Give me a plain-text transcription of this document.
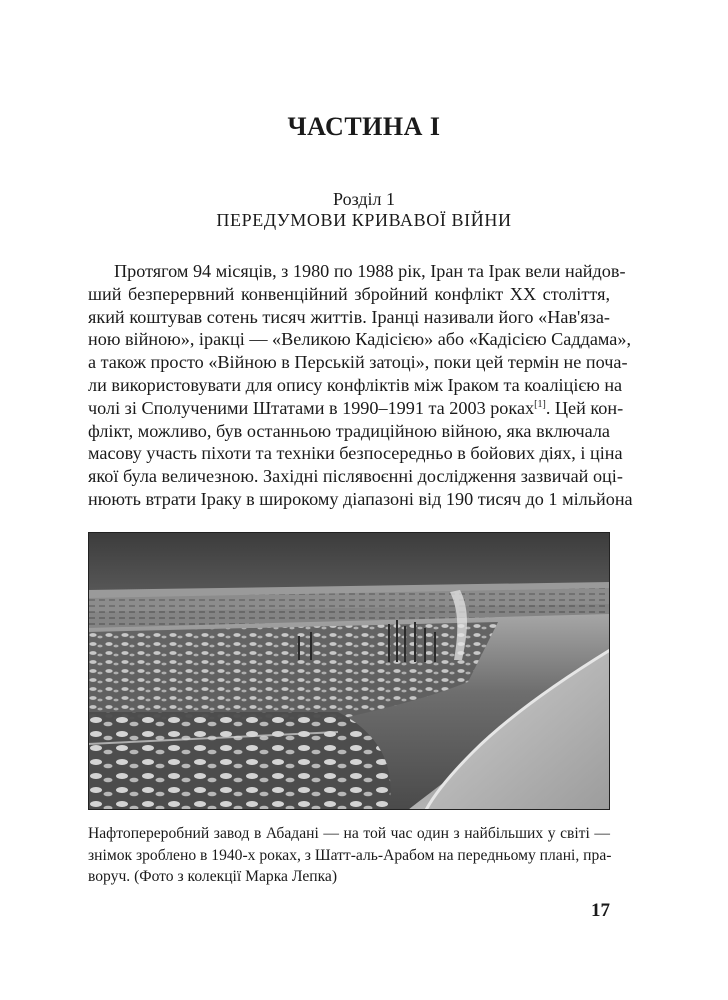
ЧАСТИНА I
Розділ 1
ПЕРЕДУМОВИ КРИВАВОЇ ВІЙНИ
Протягом 94 місяців, з 1980 по 1988 рік, Іран та Ірак вели найдов-
ший безперервний конвенційний збройний конфлікт XX століття,
який коштував сотень тисяч життів. Іранці називали його «Нав'яза-
ною війною», іракці — «Великою Кадісією» або «Кадісією Саддама»,
а також просто «Війною в Перській затоці», поки цей термін не поча-
ли використовувати для опису конфліктів між Іраком та коаліцією на
чолі зі Сполученими Штатами в 1990–1991 та 2003 роках[1]. Цей кон-
флікт, можливо, був останньою традиційною війною, яка включала
масову участь піхоти та техніки безпосередньо в бойових діях, і ціна
якої була величезною. Західні післявоєнні дослідження зазвичай оці-
нюють втрати Іраку в широкому діапазоні від 190 тисяч до 1 мільйона
Нафтопереробний завод в Абадані — на той час один з найбільших у світі —
знімок зроблено в 1940-х роках, з Шатт-аль-Арабом на передньому плані, пра-
воруч. (Фото з колекції Марка Лепка)
17
